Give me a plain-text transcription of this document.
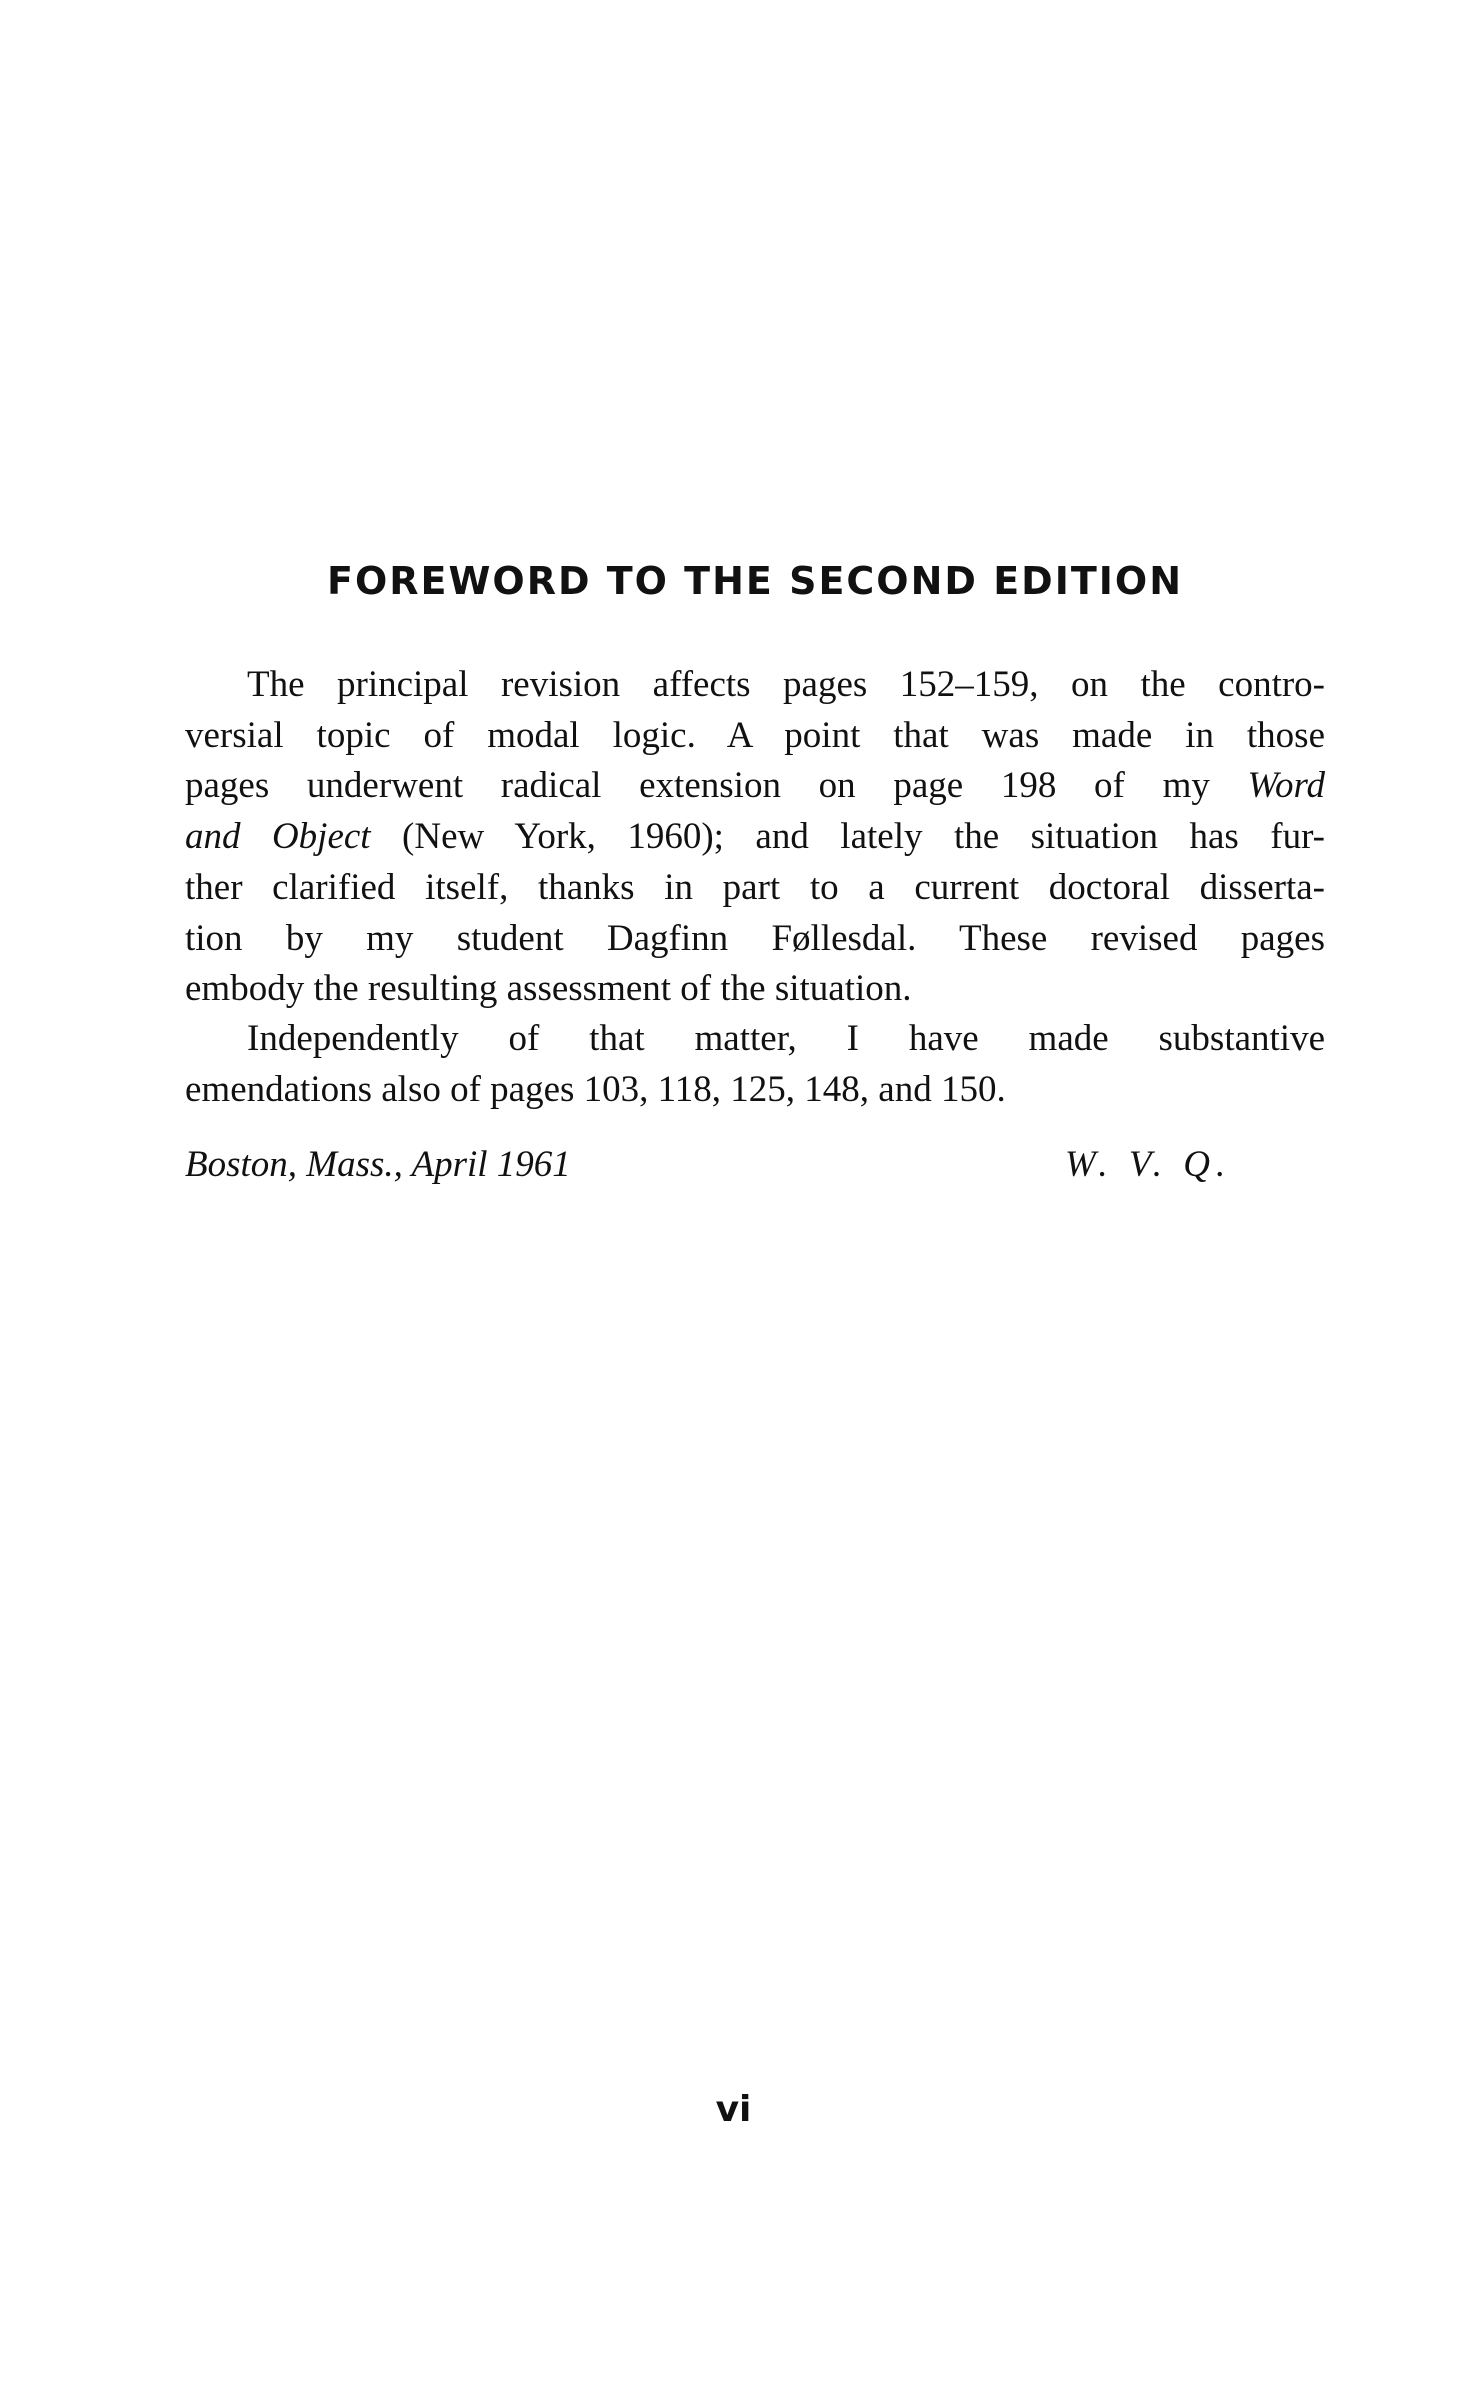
FOREWORD TO THE SECOND EDITION
The principal revision affects pages 152–159, on the contro-
versial topic of modal logic. A point that was made in those
pages underwent radical extension on page 198 of my Word
and Object (New York, 1960); and lately the situation has fur-
ther clarified itself, thanks in part to a current doctoral disserta-
tion by my student Dagfinn Føllesdal. These revised pages
embody the resulting assessment of the situation.
Independently of that matter, I have made substantive
emendations also of pages 103, 118, 125, 148, and 150.
Boston, Mass., April 1961	W. V. Q.
vi
